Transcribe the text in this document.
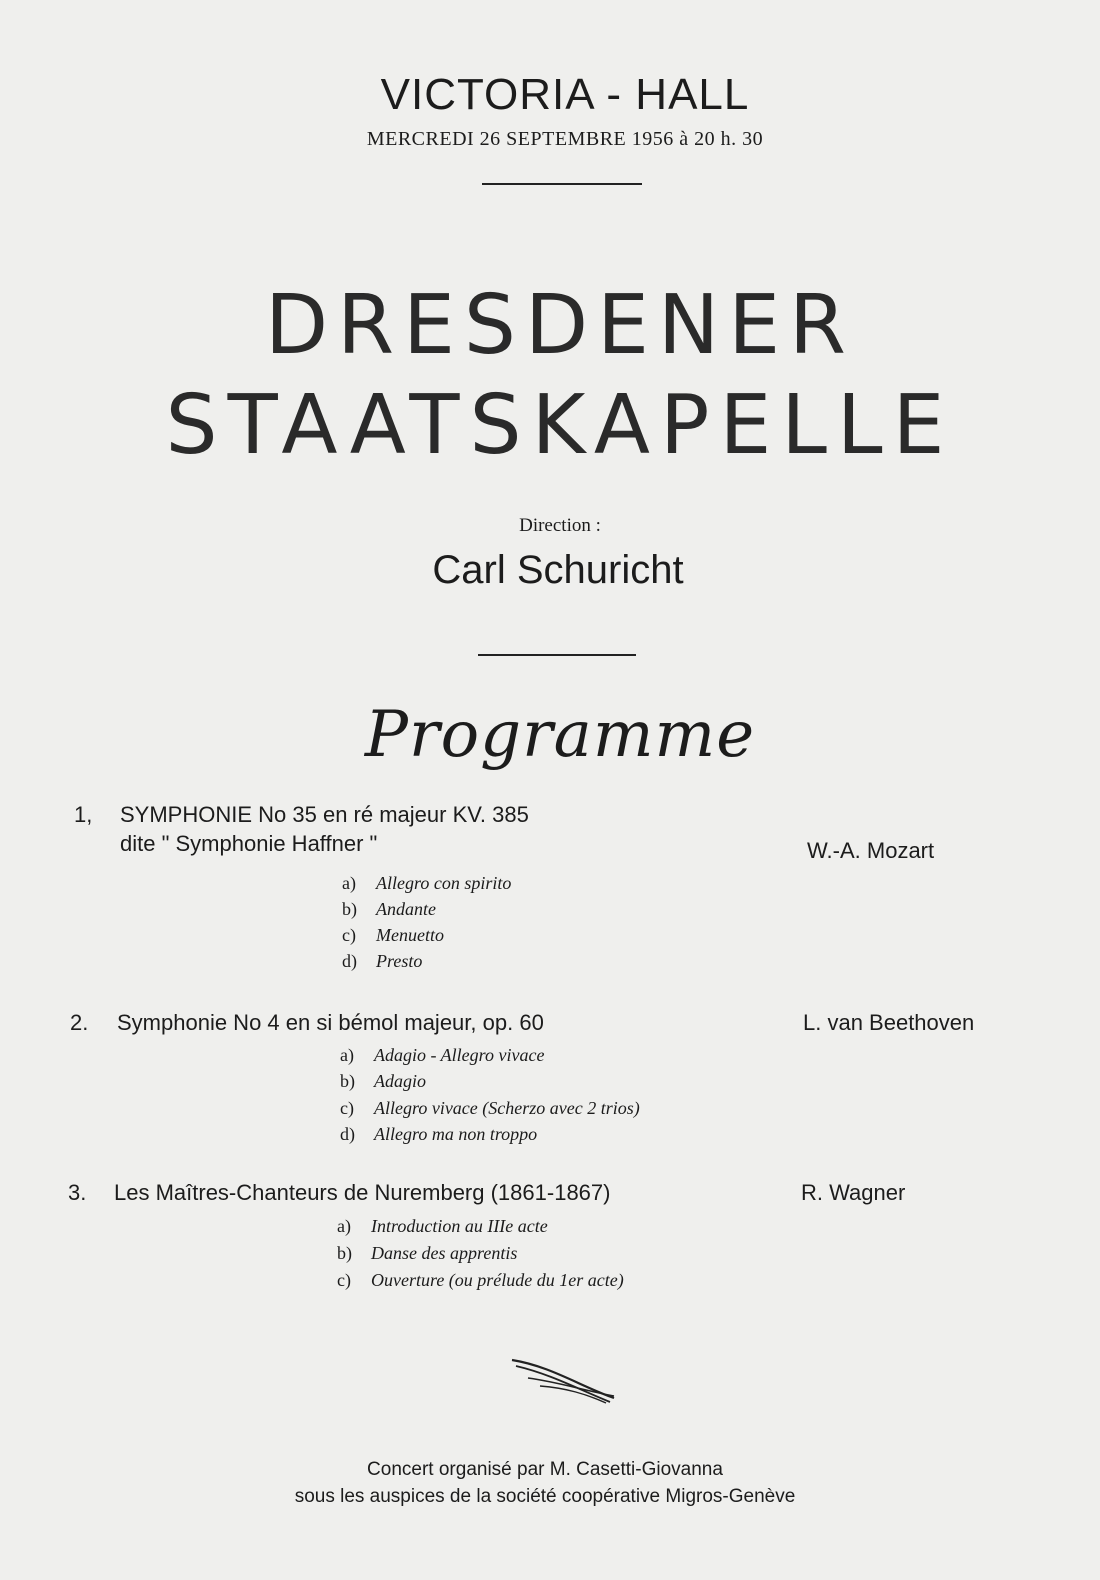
VICTORIA - HALL
MERCREDI 26 SEPTEMBRE 1956 à 20 h. 30
DRESDENER
STAATSKAPELLE
Direction :
Carl Schuricht
Programme
1, SYMPHONIE No 35 en ré majeur KV. 385
dite " Symphonie Haffner "	W.-A. Mozart
a) Allegro con spirito
b) Andante
c) Menuetto
d) Presto
2. Symphonie No 4 en si bémol majeur, op. 60	L. van Beethoven
a) Adagio - Allegro vivace
b) Adagio
c) Allegro vivace (Scherzo avec 2 trios)
d) Allegro ma non troppo
3. Les Maîtres-Chanteurs de Nuremberg (1861-1867)	R. Wagner
a) Introduction au IIIe acte
b) Danse des apprentis
c) Ouverture (ou prélude du 1er acte)
Concert organisé par M. Casetti-Giovanna
sous les auspices de la société coopérative Migros-Genève
